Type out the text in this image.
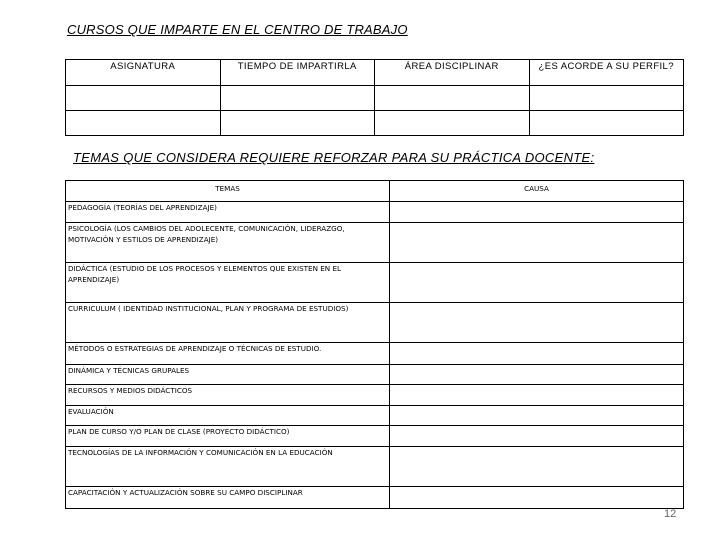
CURSOS QUE IMPARTE EN EL CENTRO DE TRABAJO
ASIGNATURA	TIEMPO DE IMPARTIRLA	ÁREA DISCIPLINAR	¿ES ACORDE A SU PERFIL?

TEMAS QUE CONSIDERA REQUIERE REFORZAR PARA SU PRÁCTICA DOCENTE:
TEMAS	CAUSA

PEDAGOGÍA (TEORÍAS DEL APRENDIZAJE)	
PSICOLOGÍA (LOS CAMBIOS DEL ADOLECENTE, COMUNICACIÓN, LIDERAZGO, MOTIVACIÓN Y ESTILOS DE APRENDIZAJE)	
DIDÁCTICA (ESTUDIO DE LOS PROCESOS Y ELEMENTOS QUE EXISTEN EN EL APRENDIZAJE)	
CURRICULUM ( IDENTIDAD INSTITUCIONAL, PLAN Y PROGRAMA DE ESTUDIOS)	
MÉTODOS O ESTRATEGIAS DE APRENDIZAJE O TÉCNICAS DE ESTUDIO.	
DINÁMICA Y TÉCNICAS GRUPALES	
RECURSOS Y MEDIOS DIDÁCTICOS	
EVALUACIÓN	
PLAN DE CURSO Y/O PLAN DE CLASE (PROYECTO DIDÁCTICO)	
TECNOLOGÍAS DE LA INFORMACIÓN Y COMUNICACIÓN EN LA EDUCACIÓN	
CAPACITACIÓN Y ACTUALIZACIÓN SOBRE SU CAMPO DISCIPLINAR	
12
